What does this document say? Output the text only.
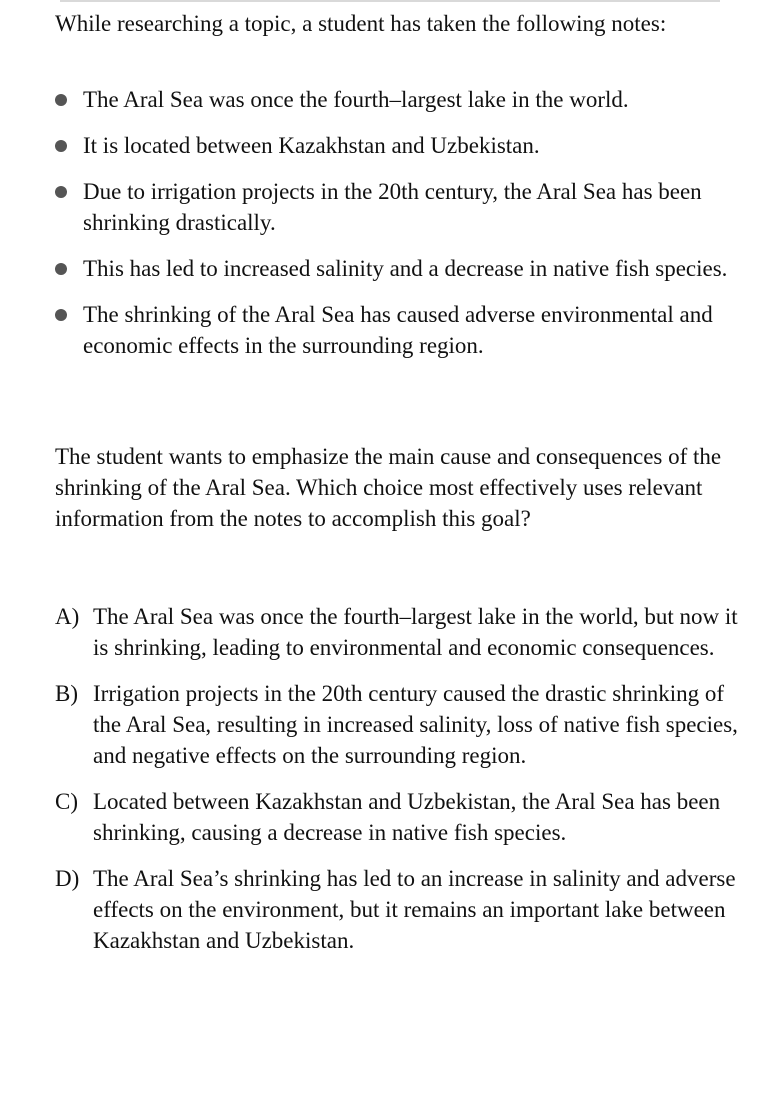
While researching a topic, a student has taken the following notes:

The Aral Sea was once the fourth–largest lake in the world.
It is located between Kazakhstan and Uzbekistan.
Due to irrigation projects in the 20th century, the Aral Sea has been shrinking drastically.
This has led to increased salinity and a decrease in native fish species.
The shrinking of the Aral Sea has caused adverse environmental and economic effects in the surrounding region.

The student wants to emphasize the main cause and consequences of the shrinking of the Aral Sea. Which choice most effectively uses relevant information from the notes to accomplish this goal?

A) The Aral Sea was once the fourth–largest lake in the world, but now it is shrinking, leading to environmental and economic consequences.
B) Irrigation projects in the 20th century caused the drastic shrinking of the Aral Sea, resulting in increased salinity, loss of native fish species, and negative effects on the surrounding region.
C) Located between Kazakhstan and Uzbekistan, the Aral Sea has been shrinking, causing a decrease in native fish species.
D) The Aral Sea’s shrinking has led to an increase in salinity and adverse effects on the environment, but it remains an important lake between Kazakhstan and Uzbekistan.
